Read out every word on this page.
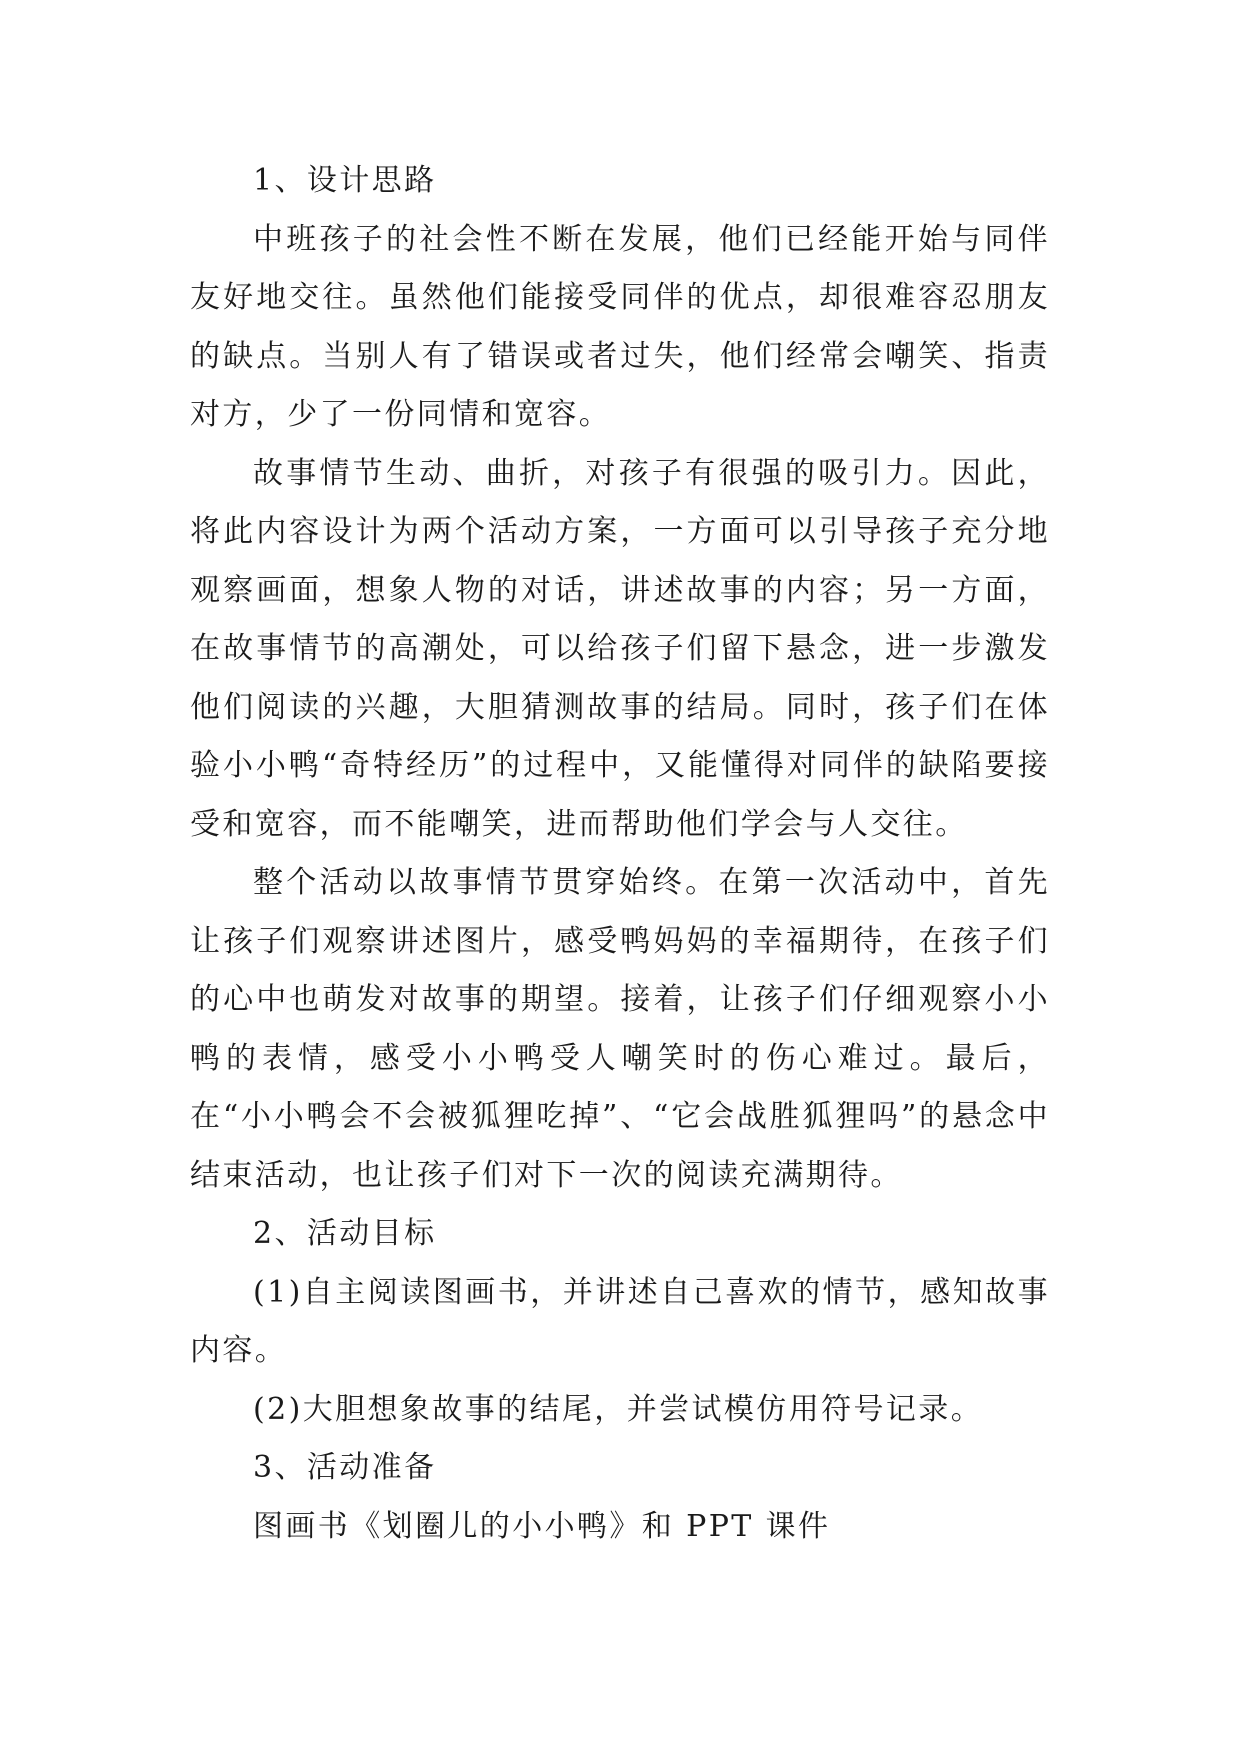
1、设计思路

中班孩子的社会性不断在发展，他们已经能开始与同伴友好地交往。虽然他们能接受同伴的优点，却很难容忍朋友的缺点。当别人有了错误或者过失，他们经常会嘲笑、指责对方，少了一份同情和宽容。

故事情节生动、曲折，对孩子有很强的吸引力。因此，将此内容设计为两个活动方案，一方面可以引导孩子充分地观察画面，想象人物的对话，讲述故事的内容；另一方面，在故事情节的高潮处，可以给孩子们留下悬念，进一步激发他们阅读的兴趣，大胆猜测故事的结局。同时，孩子们在体验小小鸭“奇特经历”的过程中，又能懂得对同伴的缺陷要接受和宽容，而不能嘲笑，进而帮助他们学会与人交往。

整个活动以故事情节贯穿始终。在第一次活动中，首先让孩子们观察讲述图片，感受鸭妈妈的幸福期待，在孩子们的心中也萌发对故事的期望。接着，让孩子们仔细观察小小鸭的表情，感受小小鸭受人嘲笑时的伤心难过。最后，在“小小鸭会不会被狐狸吃掉”、“它会战胜狐狸吗”的悬念中结束活动，也让孩子们对下一次的阅读充满期待。

2、活动目标

(1)自主阅读图画书，并讲述自己喜欢的情节，感知故事内容。

(2)大胆想象故事的结尾，并尝试模仿用符号记录。

3、活动准备

图画书《划圈儿的小小鸭》和 PPT 课件
